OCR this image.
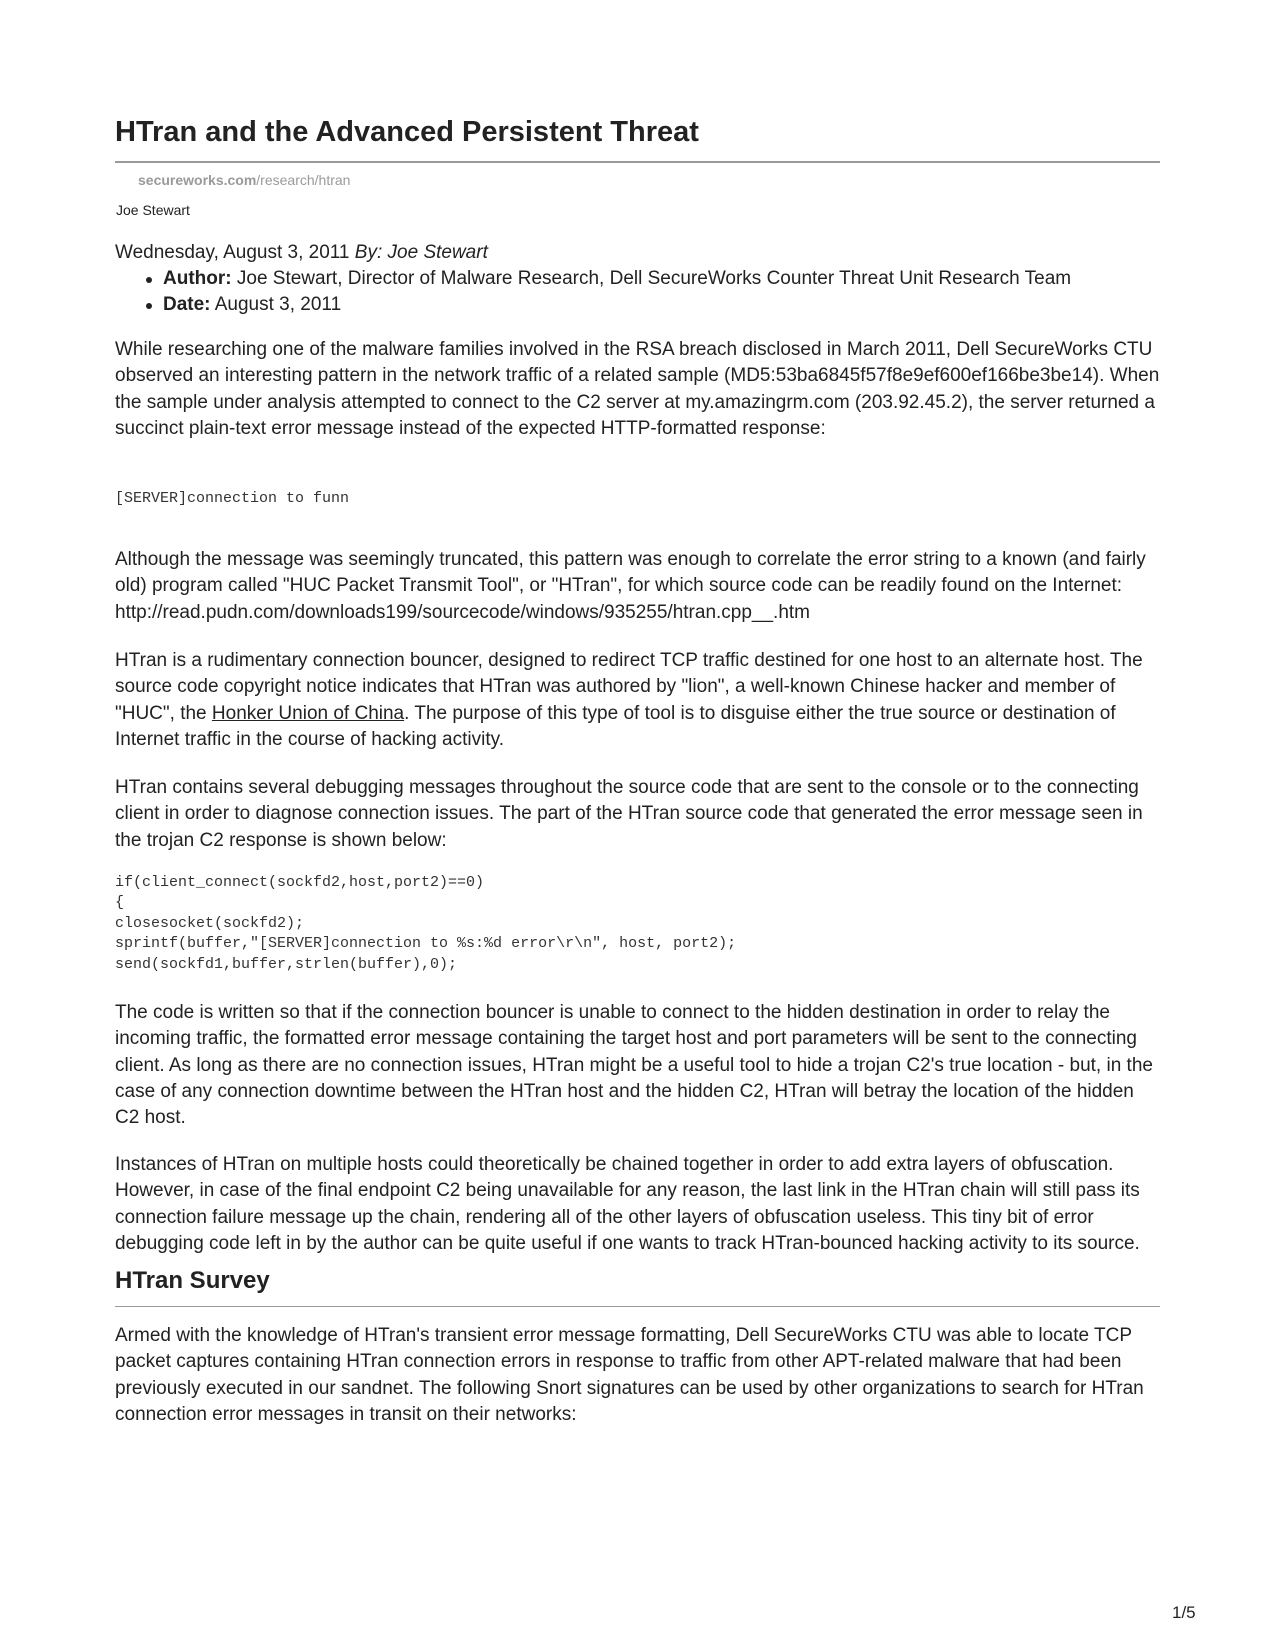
HTran and the Advanced Persistent Threat
secureworks.com/research/htran
Joe Stewart

Wednesday, August 3, 2011 By: Joe Stewart

Author: Joe Stewart, Director of Malware Research, Dell SecureWorks Counter Threat Unit Research Team
Date: August 3, 2011

While researching one of the malware families involved in the RSA breach disclosed in March 2011, Dell SecureWorks CTU observed an interesting pattern in the network traffic of a related sample (MD5:53ba6845f57f8e9ef600ef166be3be14). When the sample under analysis attempted to connect to the C2 server at my.amazingrm.com (203.92.45.2), the server returned a succinct plain-text error message instead of the expected HTTP-formatted response:

[SERVER]connection to funn

Although the message was seemingly truncated, this pattern was enough to correlate the error string to a known (and fairly old) program called "HUC Packet Transmit Tool", or "HTran", for which source code can be readily found on the Internet: http://read.pudn.com/downloads199/sourcecode/windows/935255/htran.cpp__.htm

HTran is a rudimentary connection bouncer, designed to redirect TCP traffic destined for one host to an alternate host. The source code copyright notice indicates that HTran was authored by "lion", a well-known Chinese hacker and member of "HUC", the Honker Union of China. The purpose of this type of tool is to disguise either the true source or destination of Internet traffic in the course of hacking activity.

HTran contains several debugging messages throughout the source code that are sent to the console or to the connecting client in order to diagnose connection issues. The part of the HTran source code that generated the error message seen in the trojan C2 response is shown below:

if(client_connect(sockfd2,host,port2)==0)
{
closesocket(sockfd2);
sprintf(buffer,"[SERVER]connection to %s:%d error\r\n", host, port2);
send(sockfd1,buffer,strlen(buffer),0);

The code is written so that if the connection bouncer is unable to connect to the hidden destination in order to relay the incoming traffic, the formatted error message containing the target host and port parameters will be sent to the connecting client. As long as there are no connection issues, HTran might be a useful tool to hide a trojan C2's true location - but, in the case of any connection downtime between the HTran host and the hidden C2, HTran will betray the location of the hidden C2 host.

Instances of HTran on multiple hosts could theoretically be chained together in order to add extra layers of obfuscation. However, in case of the final endpoint C2 being unavailable for any reason, the last link in the HTran chain will still pass its connection failure message up the chain, rendering all of the other layers of obfuscation useless. This tiny bit of error debugging code left in by the author can be quite useful if one wants to track HTran-bounced hacking activity to its source.

HTran Survey

Armed with the knowledge of HTran's transient error message formatting, Dell SecureWorks CTU was able to locate TCP packet captures containing HTran connection errors in response to traffic from other APT-related malware that had been previously executed in our sandnet. The following Snort signatures can be used by other organizations to search for HTran connection error messages in transit on their networks:

1/5
